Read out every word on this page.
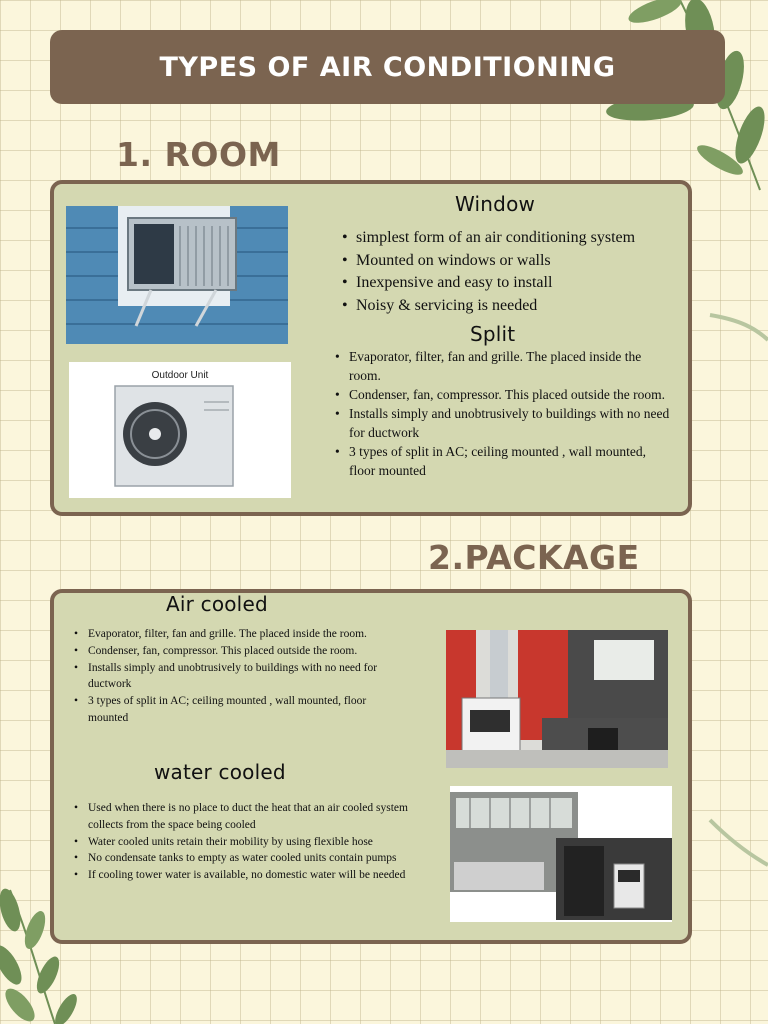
TYPES OF AIR CONDITIONING
1. ROOM
Outdoor Unit
Window
• simplest form of an air conditioning system
• Mounted on windows or walls
• Inexpensive and easy to install
• Noisy & servicing is needed
Split
• Evaporator, filter, fan and grille. The placed inside the room.
• Condenser, fan, compressor. This placed outside the room.
• Installs simply and unobtrusively to buildings with no need for ductwork
• 3 types of split in AC; ceiling mounted , wall mounted, floor mounted
2.PACKAGE
Air cooled
• Evaporator, filter, fan and grille. The placed inside the room.
• Condenser, fan, compressor. This placed outside the room.
• Installs simply and unobtrusively to buildings with no need for ductwork
• 3 types of split in AC; ceiling mounted , wall mounted, floor mounted
water cooled
• Used when there is no place to duct the heat that an air cooled system collects from the space being cooled
• Water cooled units retain their mobility by using flexible hose
• No condensate tanks to empty as water cooled units contain pumps
• If cooling tower water is available, no domestic water will be needed
